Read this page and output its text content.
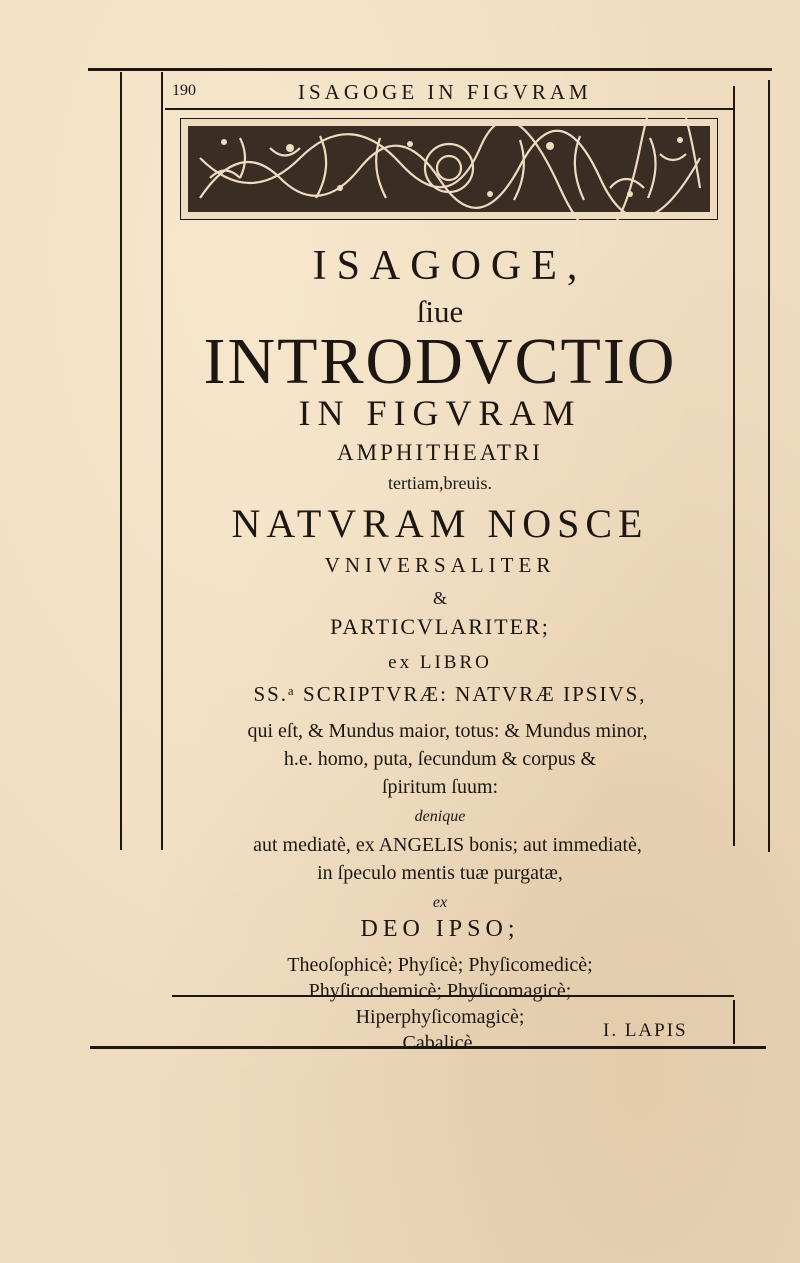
190	ISAGOGE IN FIGVRAM
ISAGOGE,
ſiue
INTRODVCTIO
IN FIGVRAM
AMPHITHEATRI
tertiam,breuis.
NATVRAM NOSCE
VNIVERSALITER
&
PARTICVLARITER;
ex LIBRO
SS.ᵃ SCRIPTVRÆ: NATVRÆ IPSIVS,
qui eſt, & Mundus maior, totus: & Mundus minor,
h.e. homo, puta, ſecundum & corpus &
ſpiritum ſuum:
denique
aut mediatè, ex ANGELIS bonis; aut immediatè,
in ſpeculo mentis tuæ purgatæ,
ex
DEO IPSO;
Theoſophicè; Phyſicè; Phyſicomedicè;
Phyſicochemicè; Phyſicomagicè;
Hiperphyſicomagicè;
Cabalicè.
I. LAPIS
